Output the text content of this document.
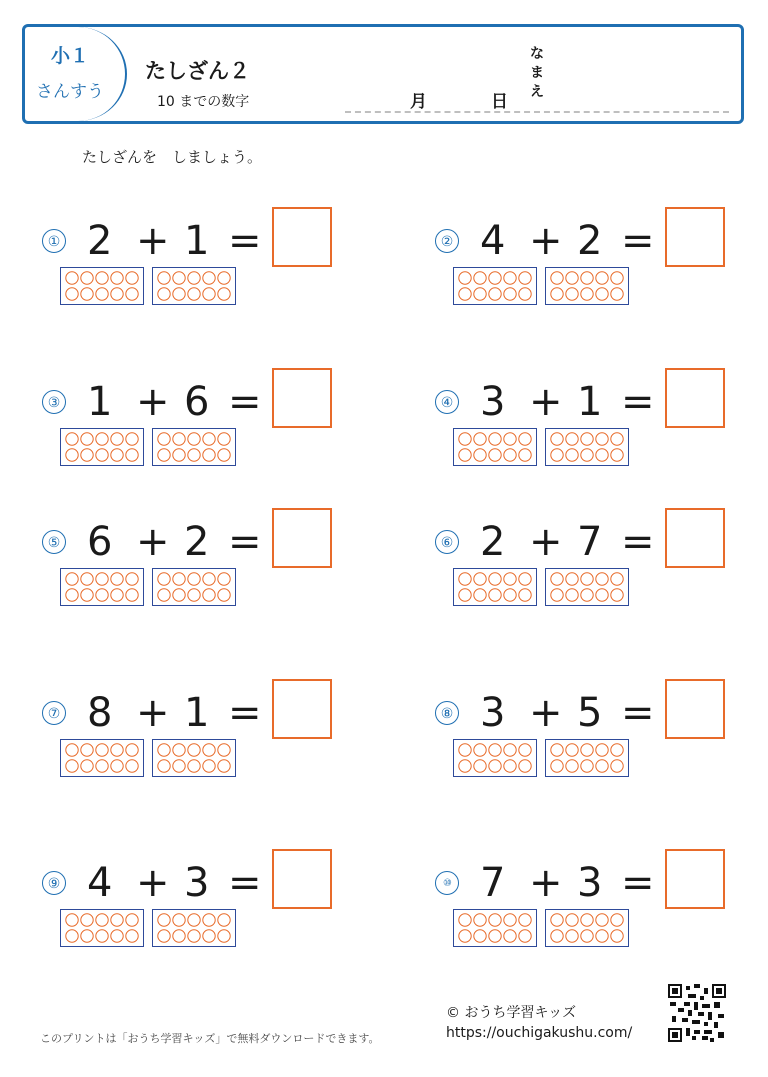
小１
さんすう
たしざん２
10 までの数字	月	日
なまえ
たしざんを　しましょう。
① 2 + 1 =	② 4 + 2 =
③ 1 + 6 =	④ 3 + 1 =
⑤ 6 + 2 =	⑥ 2 + 7 =
⑦ 8 + 1 =	⑧ 3 + 5 =
⑨ 4 + 3 =	⑩ 7 + 3 =
このプリントは「おうち学習キッズ」で無料ダウンロードできます。
© おうち学習キッズ
https://ouchigakushu.com/
